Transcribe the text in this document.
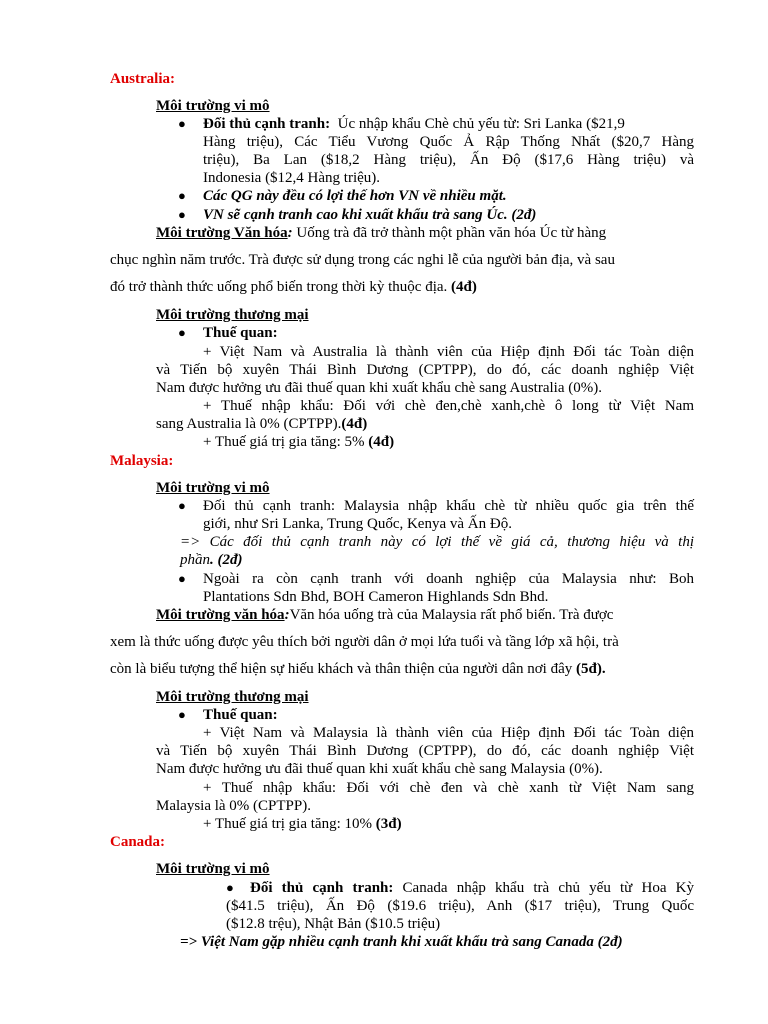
Australia:
Môi trường vi mô
● Đối thủ cạnh tranh: Úc nhập khẩu Chè chủ yếu từ: Sri Lanka ($21,9
Hàng triệu), Các Tiểu Vương Quốc Ả Rập Thống Nhất ($20,7 Hàng
triệu), Ba Lan ($18,2 Hàng triệu), Ấn Độ ($17,6 Hàng triệu) và
Indonesia ($12,4 Hàng triệu).
● Các QG này đều có lợi thế hơn VN về nhiều mặt.
● VN sẽ cạnh tranh cao khi xuất khẩu trà sang Úc. (2đ)
Môi trường Văn hóa: Uống trà đã trở thành một phần văn hóa Úc từ hàng
chục nghìn năm trước. Trà được sử dụng trong các nghi lễ của người bản địa, và sau
đó trở thành thức uống phổ biến trong thời kỳ thuộc địa. (4đ)
Môi trường thương mại
● Thuế quan:
+ Việt Nam và Australia là thành viên của Hiệp định Đối tác Toàn diện
và Tiến bộ xuyên Thái Bình Dương (CPTPP), do đó, các doanh nghiệp Việt
Nam được hưởng ưu đãi thuế quan khi xuất khẩu chè sang Australia (0%).
+ Thuế nhập khẩu: Đối với chè đen,chè xanh,chè ô long từ Việt Nam
sang Australia là 0% (CPTPP).(4đ)
+ Thuế giá trị gia tăng: 5% (4đ)
Malaysia:
Môi trường vi mô
● Đối thủ cạnh tranh: Malaysia nhập khẩu chè từ nhiều quốc gia trên thế
giới, như Sri Lanka, Trung Quốc, Kenya và Ấn Độ.
=> Các đối thủ cạnh tranh này có lợi thế về giá cả, thương hiệu và thị
phần. (2đ)
● Ngoài ra còn cạnh tranh với doanh nghiệp của Malaysia như: Boh
Plantations Sdn Bhd, BOH Cameron Highlands Sdn Bhd.
Môi trường văn hóa:Văn hóa uống trà của Malaysia rất phổ biến. Trà được
xem là thức uống được yêu thích bởi người dân ở mọi lứa tuổi và tầng lớp xã hội, trà
còn là biểu tượng thể hiện sự hiếu khách và thân thiện của người dân nơi đây (5đ).
Môi trường thương mại
● Thuế quan:
+ Việt Nam và Malaysia là thành viên của Hiệp định Đối tác Toàn diện
và Tiến bộ xuyên Thái Bình Dương (CPTPP), do đó, các doanh nghiệp Việt
Nam được hưởng ưu đãi thuế quan khi xuất khẩu chè sang Malaysia (0%).
+ Thuế nhập khẩu: Đối với chè đen và chè xanh từ Việt Nam sang
Malaysia là 0% (CPTPP).
+ Thuế giá trị gia tăng: 10% (3đ)
Canada:
Môi trường vi mô
● Đối thủ cạnh tranh: Canada nhập khẩu trà chủ yếu từ Hoa Kỳ
($41.5 triệu), Ấn Độ ($19.6 triệu), Anh ($17 triệu), Trung Quốc
($12.8 trệu), Nhật Bản ($10.5 triệu)
=> Việt Nam gặp nhiều cạnh tranh khi xuất khẩu trà sang Canada (2đ)
